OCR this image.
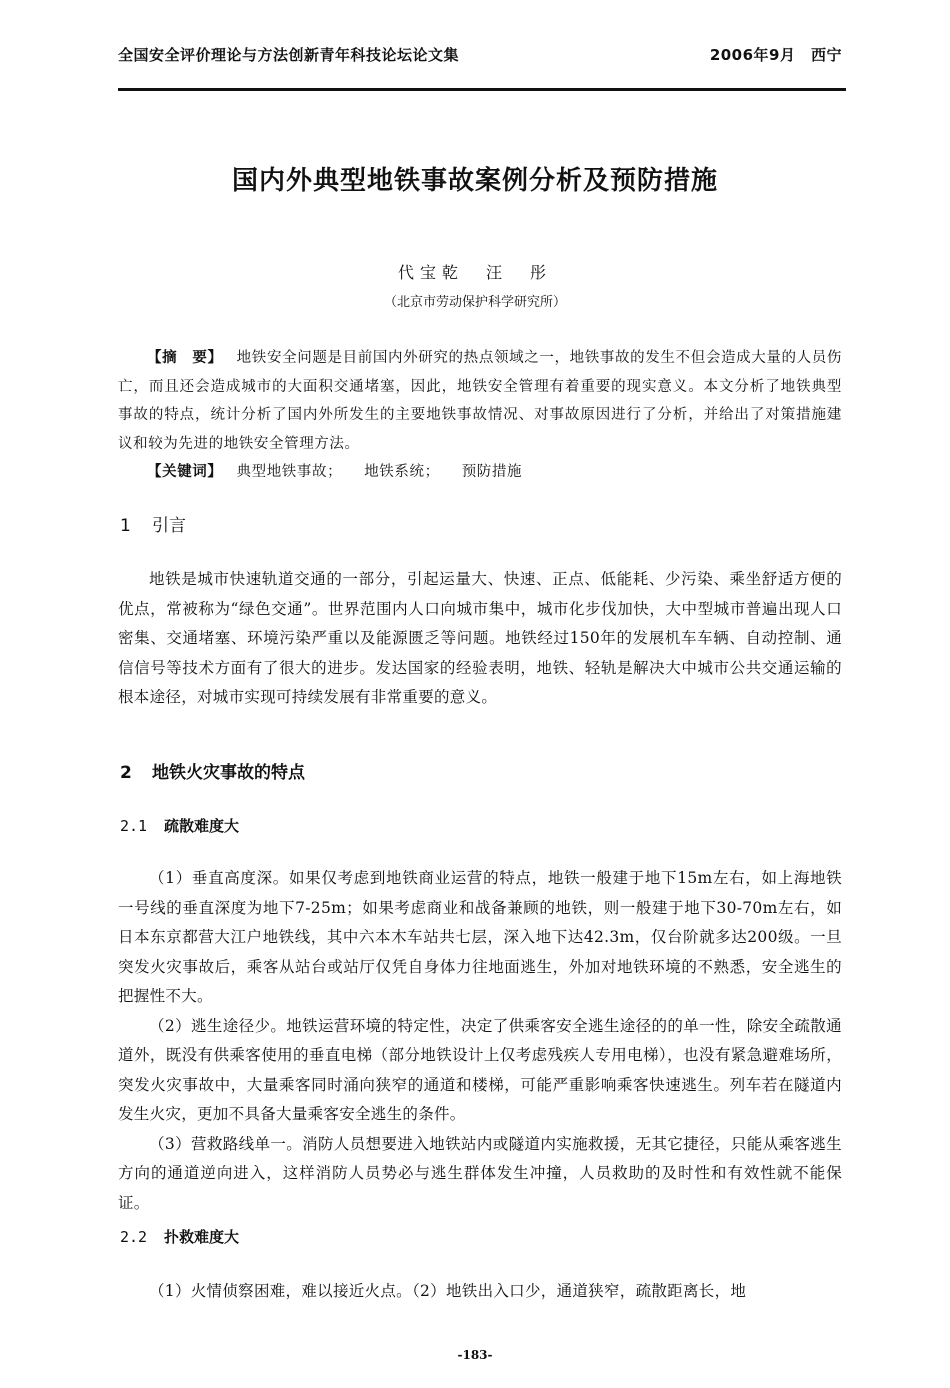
全国安全评价理论与方法创新青年科技论坛论文集	2006年9月　西宁
国内外典型地铁事故案例分析及预防措施
代宝乾　汪　彤
（北京市劳动保护科学研究所）

【摘　要】 地铁安全问题是目前国内外研究的热点领域之一，地铁事故的发生不但会造成大量的人员伤亡，而且还会造成城市的大面积交通堵塞，因此，地铁安全管理有着重要的现实意义。本文分析了地铁典型事故的特点，统计分析了国内外所发生的主要地铁事故情况、对事故原因进行了分析，并给出了对策措施建议和较为先进的地铁安全管理方法。

【关键词】 典型地铁事故； 地铁系统； 预防措施

1 引言

地铁是城市快速轨道交通的一部分，引起运量大、快速、正点、低能耗、少污染、乘坐舒适方便的优点，常被称为“绿色交通”。世界范围内人口向城市集中，城市化步伐加快，大中型城市普遍出现人口密集、交通堵塞、环境污染严重以及能源匮乏等问题。地铁经过150年的发展机车车辆、自动控制、通信信号等技术方面有了很大的进步。发达国家的经验表明，地铁、轻轨是解决大中城市公共交通运输的根本途径，对城市实现可持续发展有非常重要的意义。

2 地铁火灾事故的特点
2.1 疏散难度大

（1）垂直高度深。如果仅考虑到地铁商业运营的特点，地铁一般建于地下15m左右，如上海地铁一号线的垂直深度为地下7-25m；如果考虑商业和战备兼顾的地铁，则一般建于地下30-70m左右，如日本东京都营大江户地铁线，其中六本木车站共七层，深入地下达42.3m，仅台阶就多达200级。一旦突发火灾事故后，乘客从站台或站厅仅凭自身体力往地面逃生，外加对地铁环境的不熟悉，安全逃生的把握性不大。

（2）逃生途径少。地铁运营环境的特定性，决定了供乘客安全逃生途径的的单一性，除安全疏散通道外，既没有供乘客使用的垂直电梯（部分地铁设计上仅考虑残疾人专用电梯），也没有紧急避难场所，突发火灾事故中，大量乘客同时涌向狭窄的通道和楼梯，可能严重影响乘客快速逃生。列车若在隧道内发生火灾，更加不具备大量乘客安全逃生的条件。

（3）营救路线单一。消防人员想要进入地铁站内或隧道内实施救援，无其它捷径，只能从乘客逃生方向的通道逆向进入，这样消防人员势必与逃生群体发生冲撞，人员救助的及时性和有效性就不能保证。

2.2 扑救难度大

（1）火情侦察困难，难以接近火点。（2）地铁出入口少，通道狭窄，疏散距离长，地

-183-
